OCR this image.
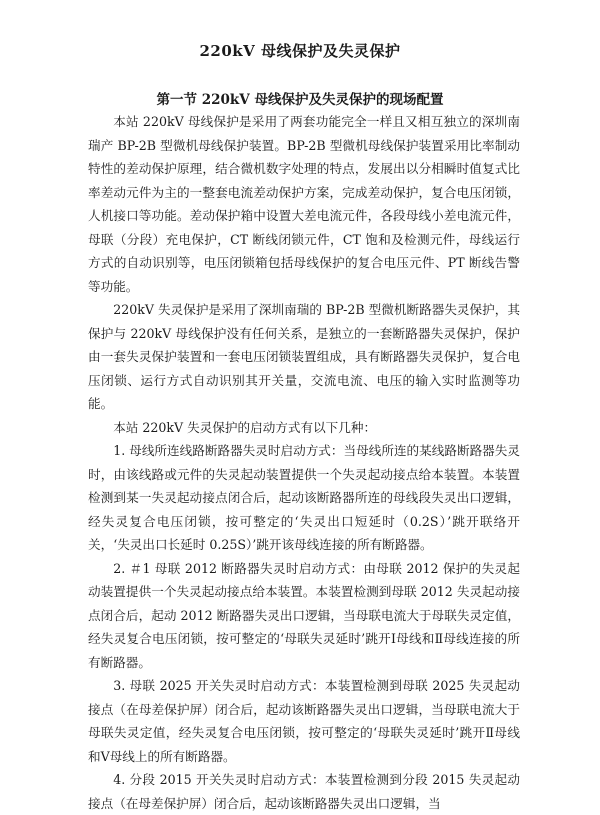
220kV 母线保护及失灵保护
第一节 220kV 母线保护及失灵保护的现场配置

本站 220kV 母线保护是采用了两套功能完全一样且又相互独立的深圳南瑞产 BP-2B 型微机母线保护装置。BP-2B 型微机母线保护装置采用比率制动特性的差动保护原理，结合微机数字处理的特点，发展出以分相瞬时值复式比率差动元件为主的一整套电流差动保护方案，完成差动保护，复合电压闭锁，人机接口等功能。差动保护箱中设置大差电流元件，各段母线小差电流元件，母联（分段）充电保护，CT 断线闭锁元件，CT 饱和及检测元件，母线运行方式的自动识别等，电压闭锁箱包括母线保护的复合电压元件、PT 断线告警等功能。

220kV 失灵保护是采用了深圳南瑞的 BP-2B 型微机断路器失灵保护，其保护与 220kV 母线保护没有任何关系，是独立的一套断路器失灵保护，保护由一套失灵保护装置和一套电压闭锁装置组成，具有断路器失灵保护，复合电压闭锁、运行方式自动识别其开关量，交流电流、电压的输入实时监测等功能。

本站 220kV 失灵保护的启动方式有以下几种：

1. 母线所连线路断路器失灵时启动方式：当母线所连的某线路断路器失灵时，由该线路或元件的失灵起动装置提供一个失灵起动接点给本装置。本装置检测到某一失灵起动接点闭合后，起动该断路器所连的母线段失灵出口逻辑，经失灵复合电压闭锁，按可整定的‘失灵出口短延时（0.2S）’跳开联络开关，‘失灵出口长延时 0.25S）’跳开该母线连接的所有断路器。

2. ＃1 母联 2012 断路器失灵时启动方式：由母联 2012 保护的失灵起动装置提供一个失灵起动接点给本装置。本装置检测到母联 2012 失灵起动接点闭合后，起动 2012 断路器失灵出口逻辑，当母联电流大于母联失灵定值，经失灵复合电压闭锁，按可整定的‘母联失灵延时’跳开Ⅰ母线和Ⅱ母线连接的所有断路器。

3. 母联 2025 开关失灵时启动方式：本装置检测到母联 2025 失灵起动接点（在母差保护屏）闭合后，起动该断路器失灵出口逻辑，当母联电流大于母联失灵定值，经失灵复合电压闭锁，按可整定的‘母联失灵延时’跳开Ⅱ母线和Ⅴ母线上的所有断路器。

4. 分段 2015 开关失灵时启动方式：本装置检测到分段 2015 失灵起动接点（在母差保护屏）闭合后，起动该断路器失灵出口逻辑，当
